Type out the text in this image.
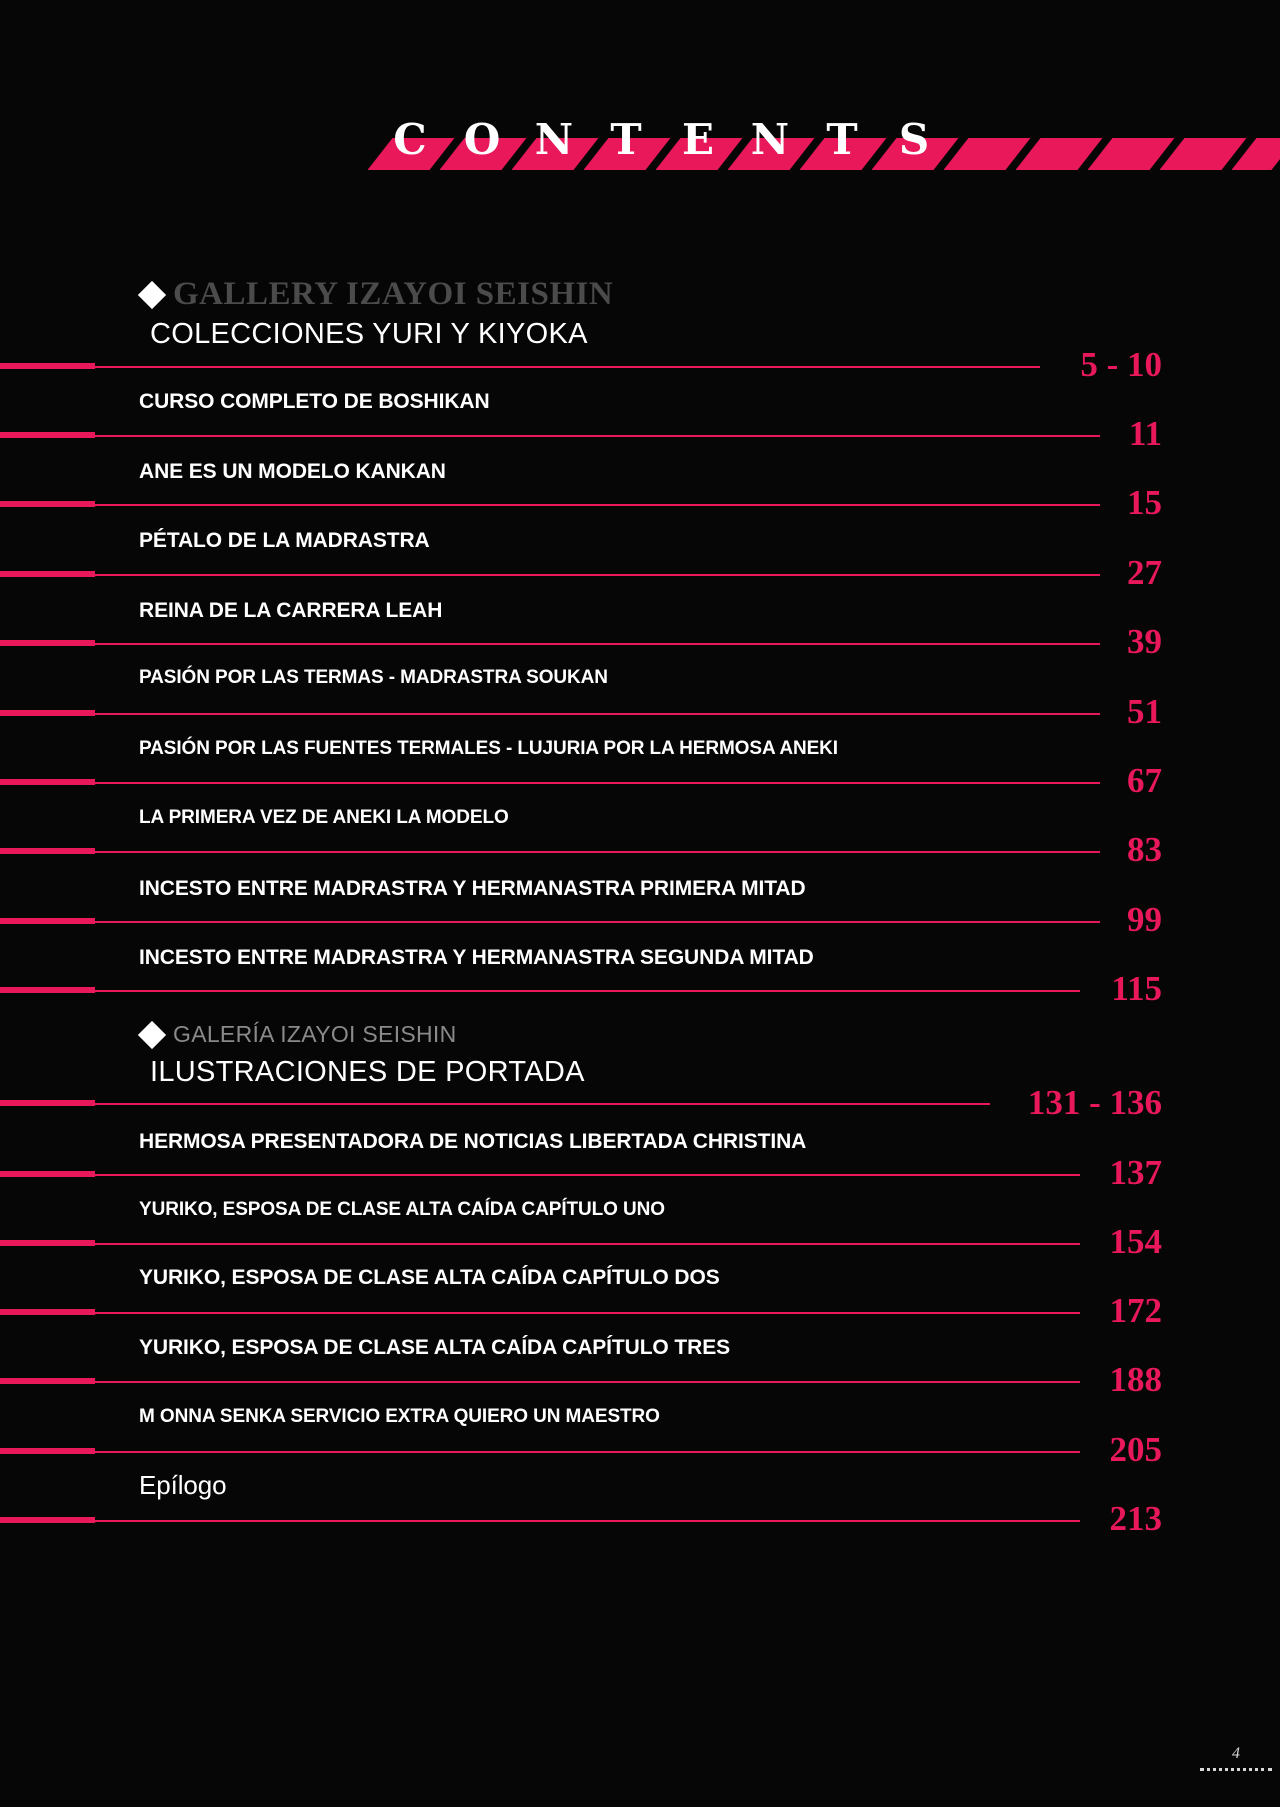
C O N T E N T S
GALLERY IZAYOI SEISHIN
COLECCIONES YURI Y KIYOKA
5 - 10
CURSO COMPLETO DE BOSHIKAN
11
ANE ES UN MODELO KANKAN
15
PÉTALO DE LA MADRASTRA
27
REINA DE LA CARRERA LEAH
39
PASIÓN POR LAS TERMAS - MADRASTRA SOUKAN
51
PASIÓN POR LAS FUENTES TERMALES - LUJURIA POR LA HERMOSA ANEKI
67
LA PRIMERA VEZ DE ANEKI LA MODELO
83
INCESTO ENTRE MADRASTRA Y HERMANASTRA PRIMERA MITAD
99
INCESTO ENTRE MADRASTRA Y HERMANASTRA SEGUNDA MITAD
115
GALERÍA IZAYOI SEISHIN
ILUSTRACIONES DE PORTADA
131 - 136
HERMOSA PRESENTADORA DE NOTICIAS LIBERTADA CHRISTINA
137
YURIKO, ESPOSA DE CLASE ALTA CAÍDA CAPÍTULO UNO
154
YURIKO, ESPOSA DE CLASE ALTA CAÍDA CAPÍTULO DOS
172
YURIKO, ESPOSA DE CLASE ALTA CAÍDA CAPÍTULO TRES
188
M ONNA SENKA SERVICIO EXTRA QUIERO UN MAESTRO
205
Epílogo
213
4
